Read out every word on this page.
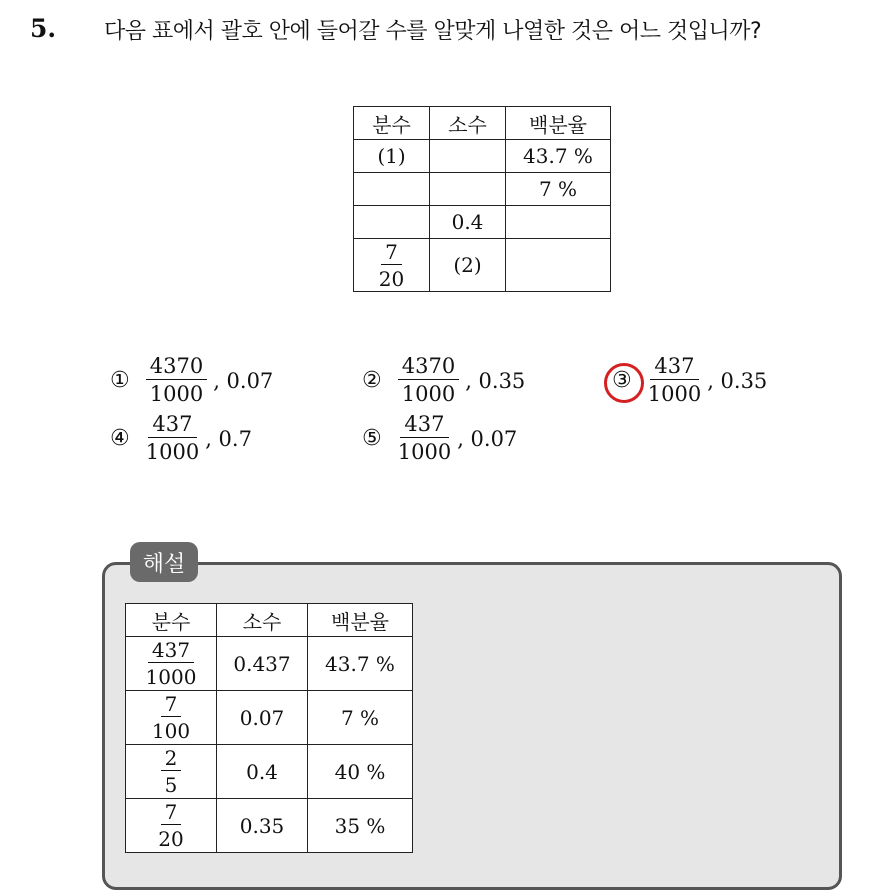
5. 다음 표에서 괄호 안에 들어갈 수를 알맞게 나열한 것은 어느 것입니까?
분수	소수	백분율
(1)		43.7 %
		7 %
	0.4	

$\frac{7}{20}$	(2)	
① $\frac{4370}{1000}$ , 0.07	② $\frac{4370}{1000}$ , 0.35	③ $\frac{437}{1000}$ , 0.35
④ $\frac{437}{1000}$ , 0.7	⑤ $\frac{437}{1000}$ , 0.07
해설
분수	소수	백분율

$\frac{437}{1000}$	0.437	43.7 %

$\frac{7}{100}$	0.07	7 %

$\frac{2}{5}$	0.4	40 %

$\frac{7}{20}$	0.35	35 %
